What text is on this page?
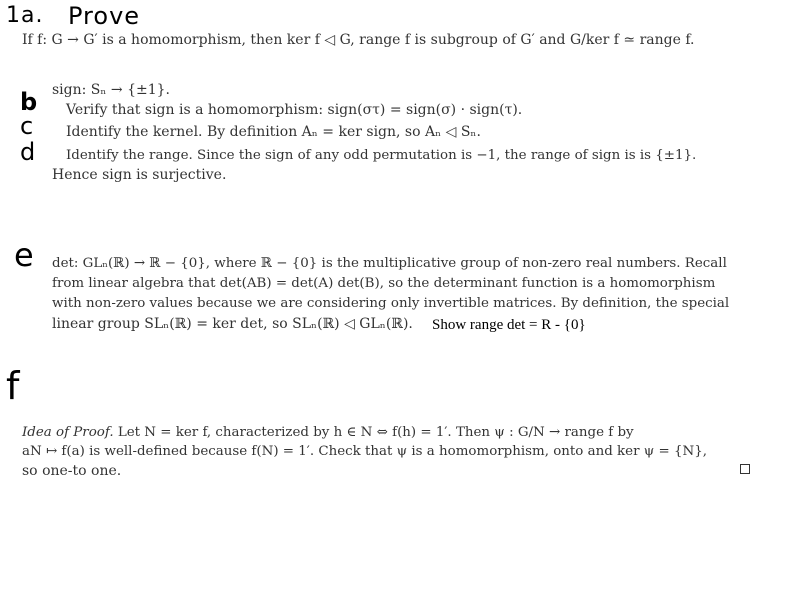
1a. Prove
If f: G → G′ is a homomorphism, then ker f ◁ G, range f is subgroup of G′ and G/ker f ≃ range f.
sign: Sₙ → {±1}.
b Verify that sign is a homomorphism: sign(στ) = sign(σ) · sign(τ).
c Identify the kernel. By definition Aₙ = ker sign, so Aₙ ◁ Sₙ.
d Identify the range. Since the sign of any odd permutation is −1, the range of sign is is {±1}.
Hence sign is surjective.
e det: GLₙ(ℝ) → ℝ − {0}, where ℝ − {0} is the multiplicative group of non-zero real numbers. Recall
from linear algebra that det(AB) = det(A) det(B), so the determinant function is a homomorphism
with non-zero values because we are considering only invertible matrices. By definition, the special
linear group SLₙ(ℝ) = ker det, so SLₙ(ℝ) ◁ GLₙ(ℝ). Show range det = R - {0}
f
Idea of Proof. Let N = ker f, characterized by h ∈ N ⇔ f(h) = 1′. Then ψ : G/N → range f by
aN ↦ f(a) is well-defined because f(N) = 1′. Check that ψ is a homomorphism, onto and ker ψ = {N},
so one-to one.
